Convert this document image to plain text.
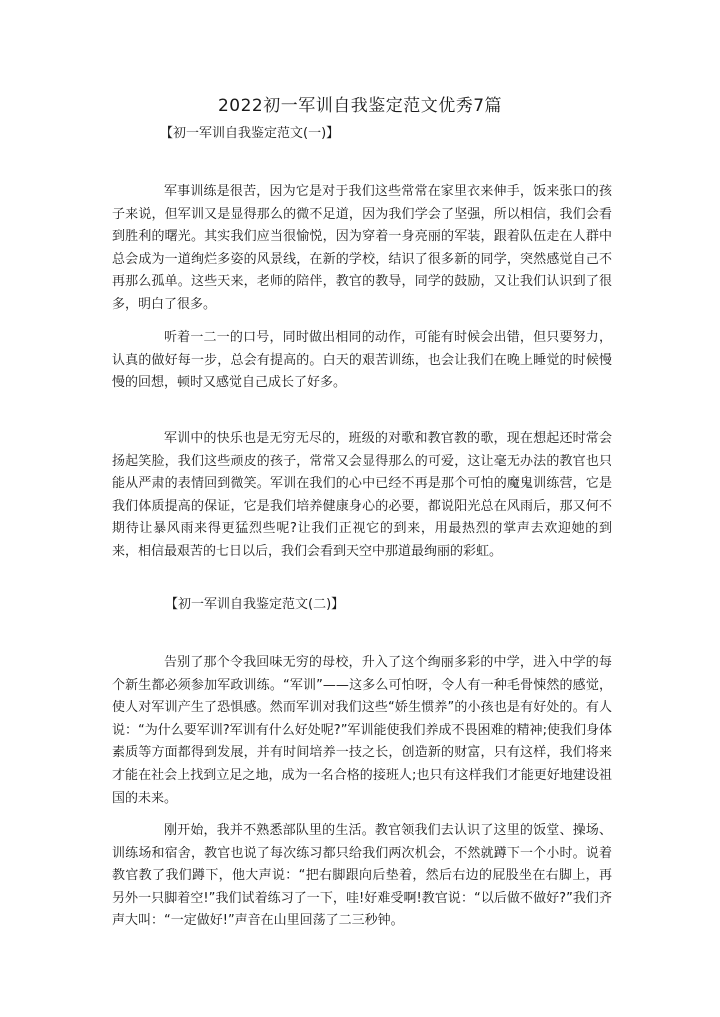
2022初一军训自我鉴定范文优秀7篇
【初一军训自我鉴定范文(一)】

军事训练是很苦，因为它是对于我们这些常常在家里衣来伸手，饭来张口的孩子来说，但军训又是显得那么的微不足道，因为我们学会了坚强，所以相信，我们会看到胜利的曙光。其实我们应当很愉悦，因为穿着一身亮丽的军装，跟着队伍走在人群中总会成为一道绚烂多姿的风景线，在新的学校，结识了很多新的同学，突然感觉自己不再那么孤单。这些天来，老师的陪伴，教官的教导，同学的鼓励，又让我们认识到了很多，明白了很多。

听着一二一的口号，同时做出相同的动作，可能有时候会出错，但只要努力，认真的做好每一步，总会有提高的。白天的艰苦训练，也会让我们在晚上睡觉的时候慢慢的回想，顿时又感觉自己成长了好多。

军训中的快乐也是无穷无尽的，班级的对歌和教官教的歌，现在想起还时常会扬起笑脸，我们这些顽皮的孩子，常常又会显得那么的可爱，这让毫无办法的教官也只能从严肃的表情回到微笑。军训在我们的心中已经不再是那个可怕的魔鬼训练营，它是我们体质提高的保证，它是我们培养健康身心的必要，都说阳光总在风雨后，那又何不期待让暴风雨来得更猛烈些呢?让我们正视它的到来，用最热烈的掌声去欢迎她的到来，相信最艰苦的七日以后，我们会看到天空中那道最绚丽的彩虹。

【初一军训自我鉴定范文(二)】

告别了那个令我回味无穷的母校，升入了这个绚丽多彩的中学，进入中学的每个新生都必须参加军政训练。“军训”——这多么可怕呀，令人有一种毛骨悚然的感觉，使人对军训产生了恐惧感。然而军训对我们这些“娇生惯养”的小孩也是有好处的。有人说：“为什么要军训?军训有什么好处呢?”军训能使我们养成不畏困难的精神;使我们身体素质等方面都得到发展，并有时间培养一技之长，创造新的财富，只有这样，我们将来才能在社会上找到立足之地，成为一名合格的接班人;也只有这样我们才能更好地建设祖国的未来。

刚开始，我并不熟悉部队里的生活。教官领我们去认识了这里的饭堂、操场、训练场和宿舍，教官也说了每次练习都只给我们两次机会，不然就蹲下一个小时。说着教官教了我们蹲下，他大声说：“把右脚跟向后垫着，然后右边的屁股坐在右脚上，再另外一只脚着空!”我们试着练习了一下，哇!好难受啊!教官说：“以后做不做好?”我们齐声大叫：“一定做好!”声音在山里回荡了二三秒钟。
